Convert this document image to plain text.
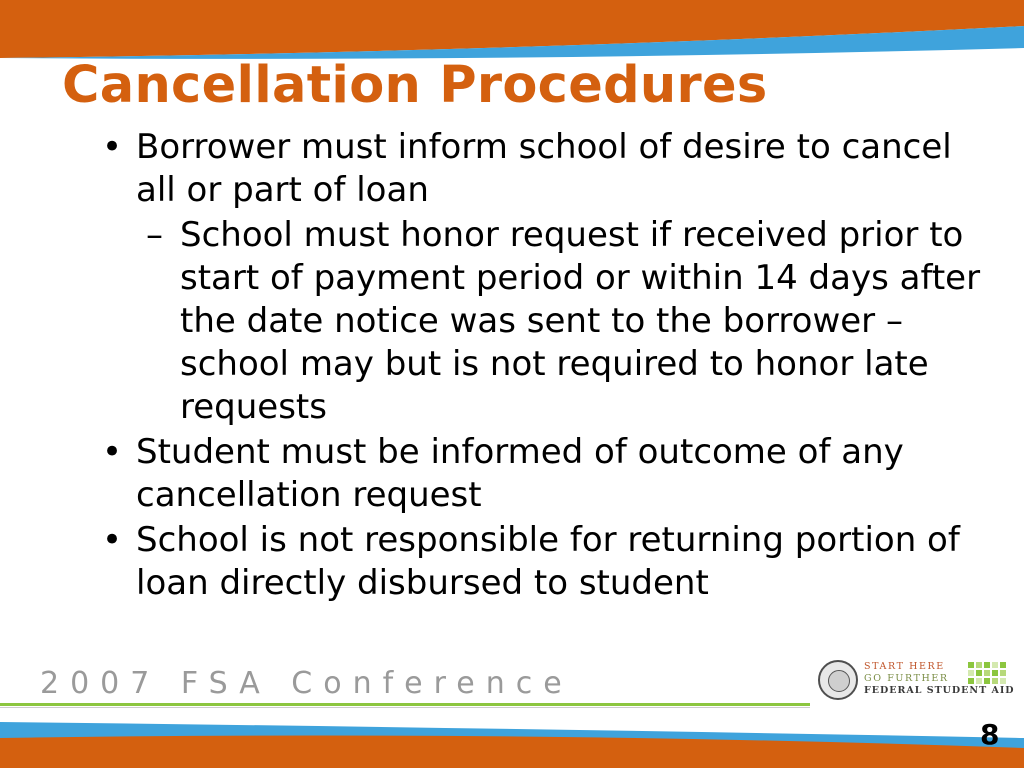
Cancellation Procedures
• Borrower must inform school of desire to cancel all or part of loan
– School must honor request if received prior to start of payment period or within 14 days after the date notice was sent to the borrower – school may but is not required to honor late requests
• Student must be informed of outcome of any cancellation request
• School is not responsible for returning portion of loan directly disbursed to student
2007 FSA Conference	START HERE
GO FURTHER
FEDERAL STUDENT AID
8
